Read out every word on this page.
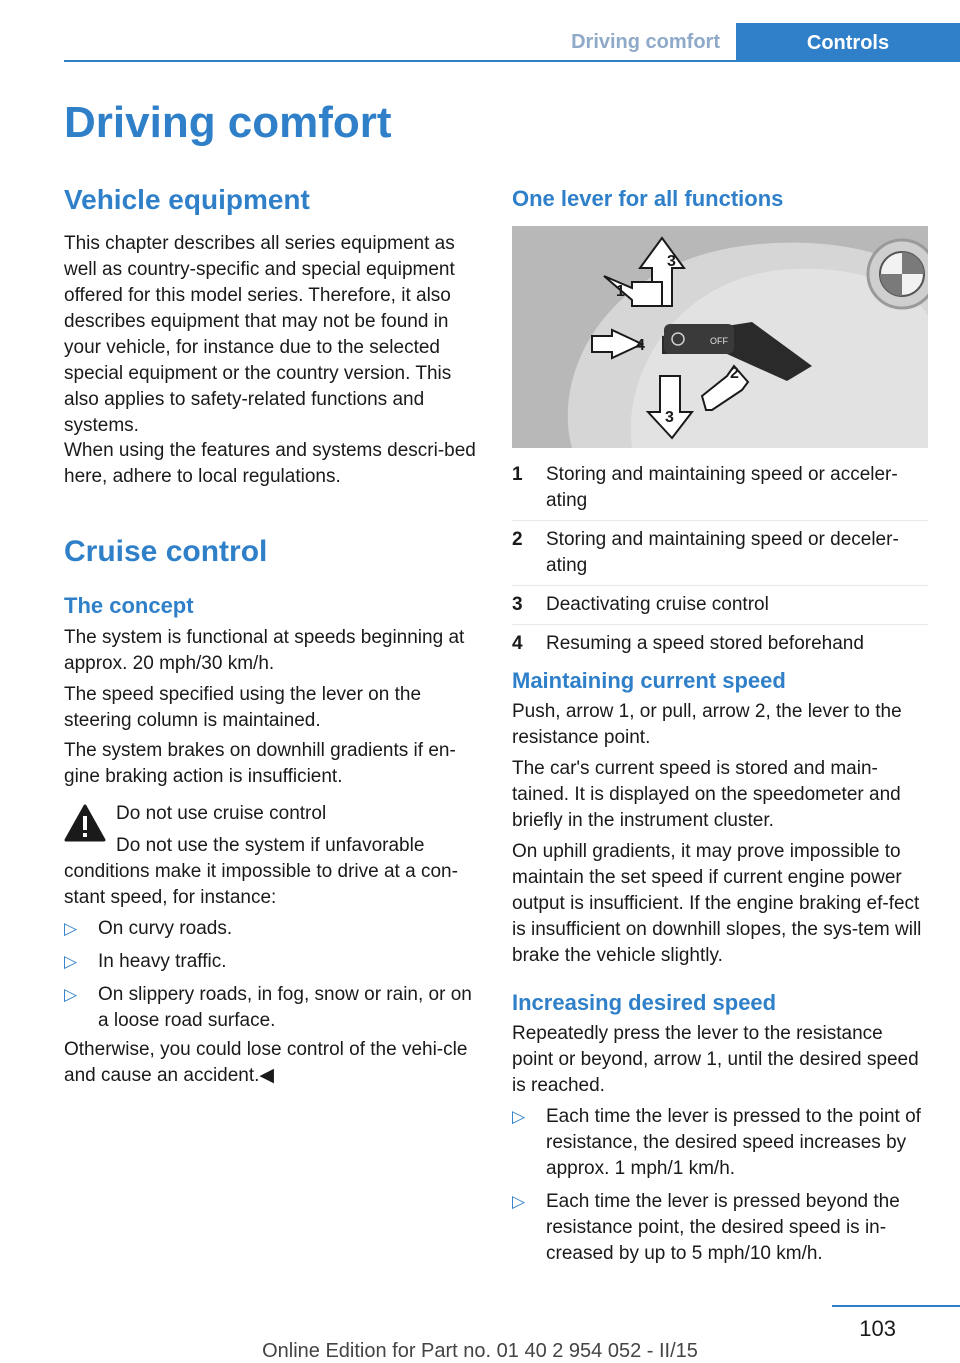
Driving comfort	Controls
Driving comfort
Vehicle equipment

This chapter describes all series equipment as well as country-specific and special equipment offered for this model series. Therefore, it also describes equipment that may not be found in your vehicle, for instance due to the selected special equipment or the country version. This also applies to safety-related functions and systems.

When using the features and systems descri-bed here, adhere to local regulations.

Cruise control
The concept

The system is functional at speeds beginning at approx. 20 mph/30 km/h.

The speed specified using the lever on the steering column is maintained.

The system brakes on downhill gradients if en-gine braking action is insufficient.

Do not use cruise control

Do not use the system if unfavorable conditions make it impossible to drive at a con-stant speed, for instance:

▷ On curvy roads.
▷ In heavy traffic.
▷ On slippery roads, in fog, snow or rain, or on a loose road surface.

Otherwise, you could lose control of the vehi-cle and cause an accident.◀

One lever for all functions
OFF
3
1
2
3
4
1 Storing and maintaining speed or acceler-ating
2 Storing and maintaining speed or deceler-ating
3 Deactivating cruise control
4 Resuming a speed stored beforehand
Maintaining current speed

Push, arrow 1, or pull, arrow 2, the lever to the resistance point.

The car's current speed is stored and main-tained. It is displayed on the speedometer and briefly in the instrument cluster.

On uphill gradients, it may prove impossible to maintain the set speed if current engine power output is insufficient. If the engine braking ef-fect is insufficient on downhill slopes, the sys-tem will brake the vehicle slightly.

Increasing desired speed

Repeatedly press the lever to the resistance point or beyond, arrow 1, until the desired speed is reached.

▷ Each time the lever is pressed to the point of resistance, the desired speed increases by approx. 1 mph/1 km/h.
▷ Each time the lever is pressed beyond the resistance point, the desired speed is in-creased by up to 5 mph/10 km/h.
103
Online Edition for Part no. 01 40 2 954 052 - II/15
